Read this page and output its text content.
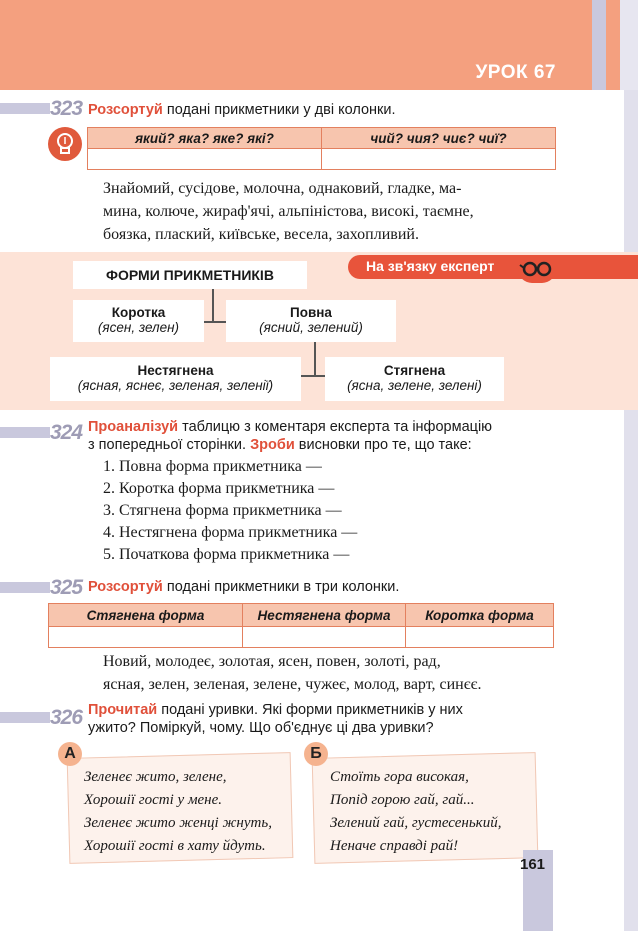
УРОК 67
323 Розсортуй подані прикметники у дві колонки.
який? яка? яке? які?	чий? чия? чиє? чиї?

Знайомий, сусідове, молочна, однаковий, гладке, ма-
мина, колюче, жираф'ячі, альпіністова, високі, таємне,
боязка, плаский, київське, весела, захопливий.
На зв'язку експерт
ФОРМИ ПРИКМЕТНИКІВ
Коротка
(ясен, зелен)
Повна
(ясний, зелений)
Нестягнена
(ясная, яснеє, зеленая, зеленії)
Стягнена
(ясна, зелене, зелені)
324 Проаналізуй таблицю з коментаря експерта та інформацію
з попередньої сторінки. Зроби висновки про те, що таке:
1. Повна форма прикметника —
2. Коротка форма прикметника —
3. Стягнена форма прикметника —
4. Нестягнена форма прикметника —
5. Початкова форма прикметника —
325 Розсортуй подані прикметники в три колонки.
Стягнена форма	Нестягнена форма	Коротка форма

Новий, молодеє, золотая, ясен, повен, золоті, рад,
ясная, зелен, зеленая, зелене, чужеє, молод, варт, синєє.
326 Прочитай подані уривки. Які форми прикметників у них
ужито? Поміркуй, чому. Що об'єднує ці два уривки?
А
Зеленеє жито, зелене,
Хорошії гості у мене.
Зеленеє жито женці жнуть,
Хорошії гості в хату йдуть.
Б
Стоїть гора високая,
Попід горою гай, гай...
Зелений гай, густесенький,
Неначе справді рай!
161
